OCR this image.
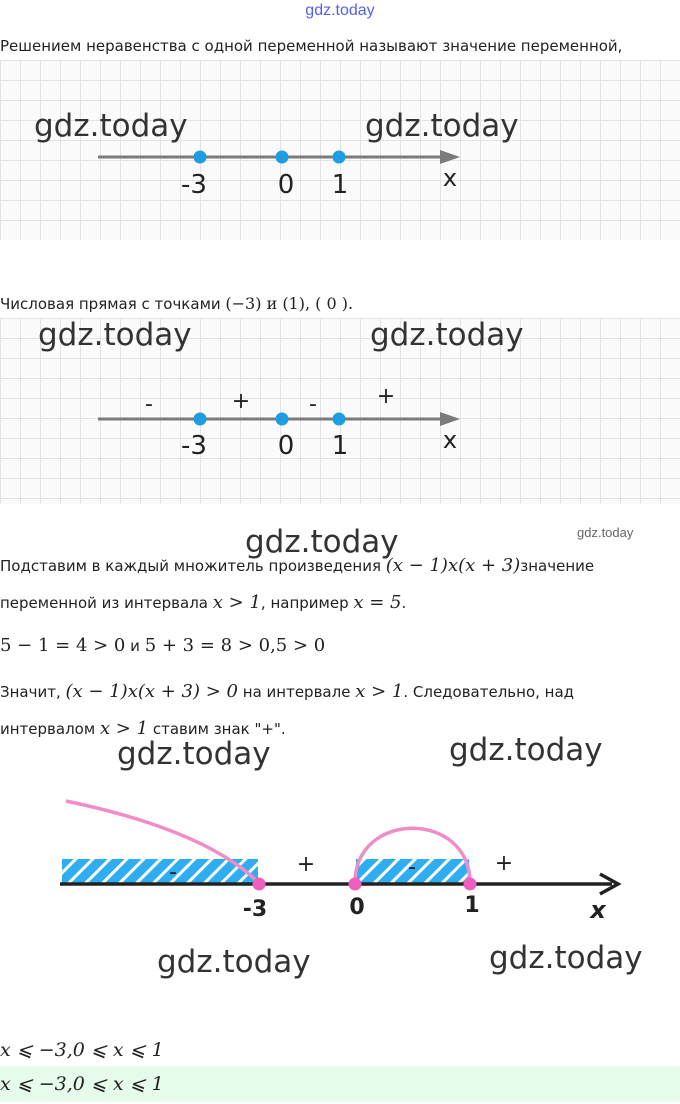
gdz.today
Решением неравенства с одной переменной называют значение переменной,
gdz.today	gdz.today
-3	0 1	x
Числовая прямая с точками (−3) и (1), ( 0 ).
gdz.today	gdz.today
-	+	-	+
-3	0 1	x
gdz.today	gdz.today
Подставим в каждый множитель произведения (x − 1)x(x + 3)значение
переменной из интервала x > 1, например x = 5.
5 − 1 = 4 > 0 и 5 + 3 = 8 > 0,5 > 0
Значит, (x − 1)x(x + 3) > 0 на интервале x > 1. Следовательно, над
интервалом x > 1 ставим знак "+".
gdz.today	gdz.today
-	+	-	+
-3	0	1	x
gdz.today	gdz.today
x ⩽ −3,0 ⩽ x ⩽ 1
x ⩽ −3,0 ⩽ x ⩽ 1
